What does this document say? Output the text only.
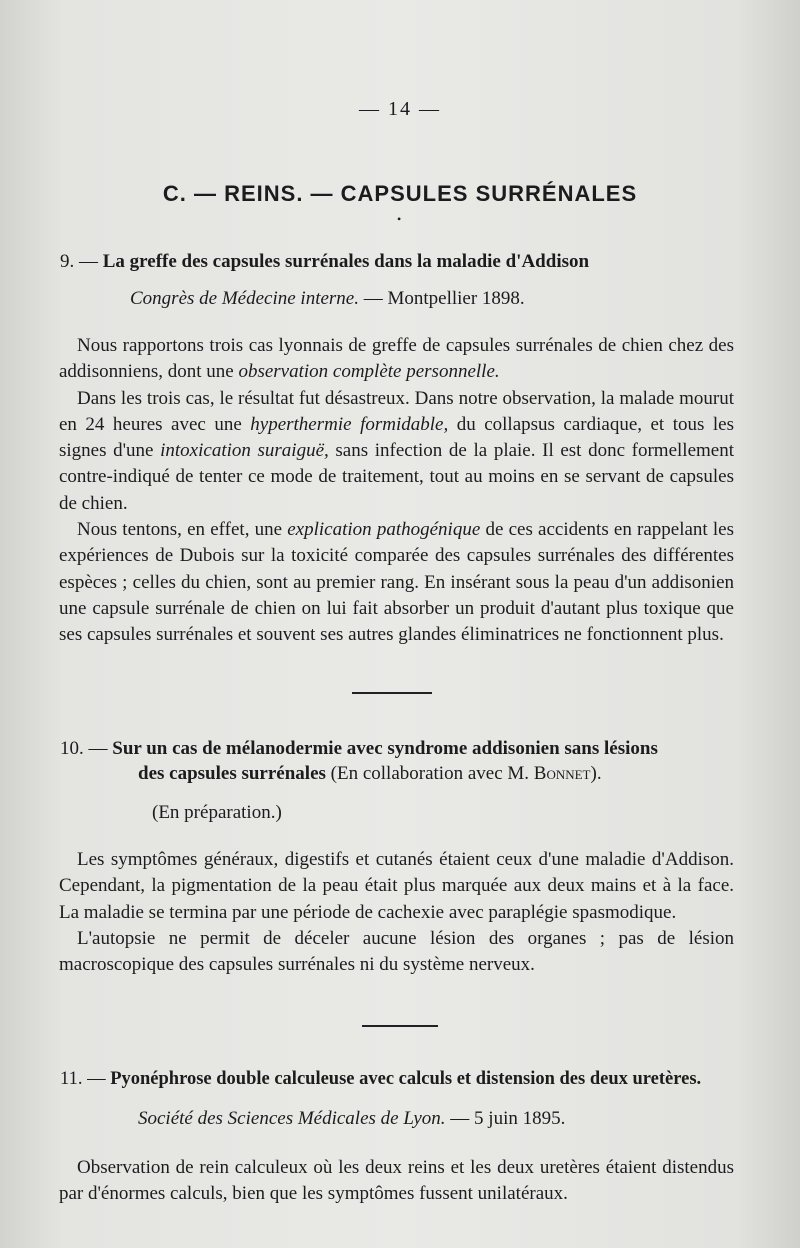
— 14 —
C. — REINS. — CAPSULES SURRÉNALES
•
9. — La greffe des capsules surrénales dans la maladie d'Addison
Congrès de Médecine interne. — Montpellier 1898.

Nous rapportons trois cas lyonnais de greffe de capsules surrénales de chien chez des addisonniens, dont une observation complète personnelle.

Dans les trois cas, le résultat fut désastreux. Dans notre observation, la malade mourut en 24 heures avec une hyperthermie formidable, du collapsus cardiaque, et tous les signes d'une intoxication suraiguë, sans infection de la plaie. Il est donc formellement contre-indiqué de tenter ce mode de traitement, tout au moins en se servant de capsules de chien.

Nous tentons, en effet, une explication pathogénique de ces accidents en rappelant les expériences de Dubois sur la toxicité comparée des capsules surrénales des différentes espèces ; celles du chien, sont au premier rang. En insérant sous la peau d'un addisonien une capsule surrénale de chien on lui fait absorber un produit d'autant plus toxique que ses capsules surrénales et souvent ses autres glandes éliminatrices ne fonctionnent plus.

10. — Sur un cas de mélanodermie avec syndrome addisonien sans lésions
des capsules surrénales (En collaboration avec M. Bonnet).
(En préparation.)

Les symptômes généraux, digestifs et cutanés étaient ceux d'une maladie d'Addison. Cependant, la pigmentation de la peau était plus marquée aux deux mains et à la face. La maladie se termina par une période de cachexie avec paraplégie spasmodique.

L'autopsie ne permit de déceler aucune lésion des organes ; pas de lésion macroscopique des capsules surrénales ni du système nerveux.

11. — Pyonéphrose double calculeuse avec calculs et distension des deux uretères.
Société des Sciences Médicales de Lyon. — 5 juin 1895.

Observation de rein calculeux où les deux reins et les deux uretères étaient distendus par d'énormes calculs, bien que les symptômes fussent unilatéraux.
